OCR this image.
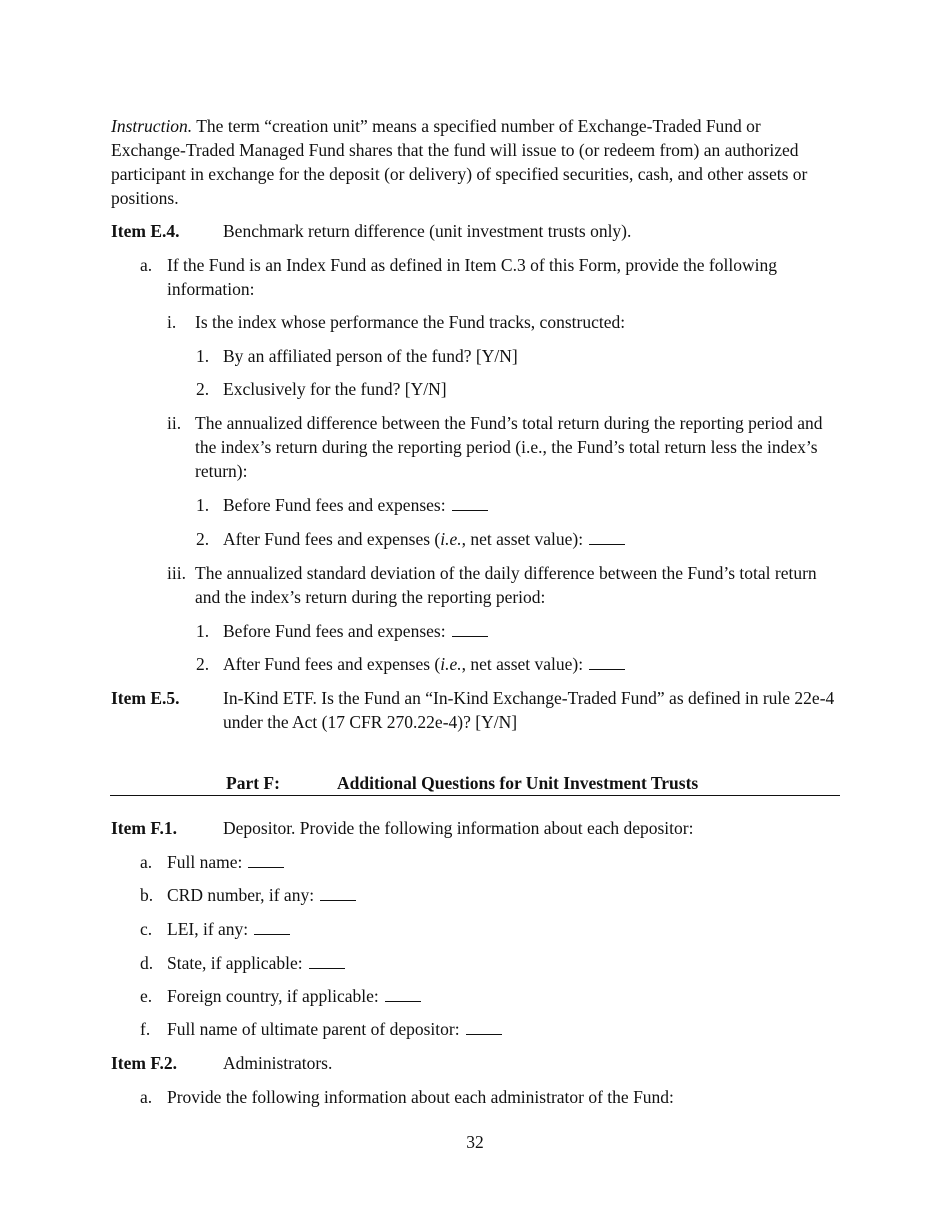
Instruction. The term “creation unit” means a specified number of Exchange-Traded Fund or Exchange-Traded Managed Fund shares that the fund will issue to (or redeem from) an authorized participant in exchange for the deposit (or delivery) of specified securities, cash, and other assets or positions.
Item E.4. Benchmark return difference (unit investment trusts only).
a. If the Fund is an Index Fund as defined in Item C.3 of this Form, provide the following information:
i. Is the index whose performance the Fund tracks, constructed:
1. By an affiliated person of the fund? [Y/N]
2. Exclusively for the fund? [Y/N]
ii. The annualized difference between the Fund’s total return during the reporting period and the index’s return during the reporting period (i.e., the Fund’s total return less the index’s return):
1. Before Fund fees and expenses:
2. After Fund fees and expenses (i.e., net asset value):
iii. The annualized standard deviation of the daily difference between the Fund’s total return and the index’s return during the reporting period:
1. Before Fund fees and expenses:
2. After Fund fees and expenses (i.e., net asset value):
Item E.5. In-Kind ETF. Is the Fund an “In-Kind Exchange-Traded Fund” as defined in rule 22e-4 under the Act (17 CFR 270.22e-4)? [Y/N]
Part F:	Additional Questions for Unit Investment Trusts
Item F.1.	Depositor. Provide the following information about each depositor:
a. Full name:
b. CRD number, if any:
c. LEI, if any:
d. State, if applicable:
e. Foreign country, if applicable:
f. Full name of ultimate parent of depositor:
Item F.2.	Administrators.
a. Provide the following information about each administrator of the Fund:
32
